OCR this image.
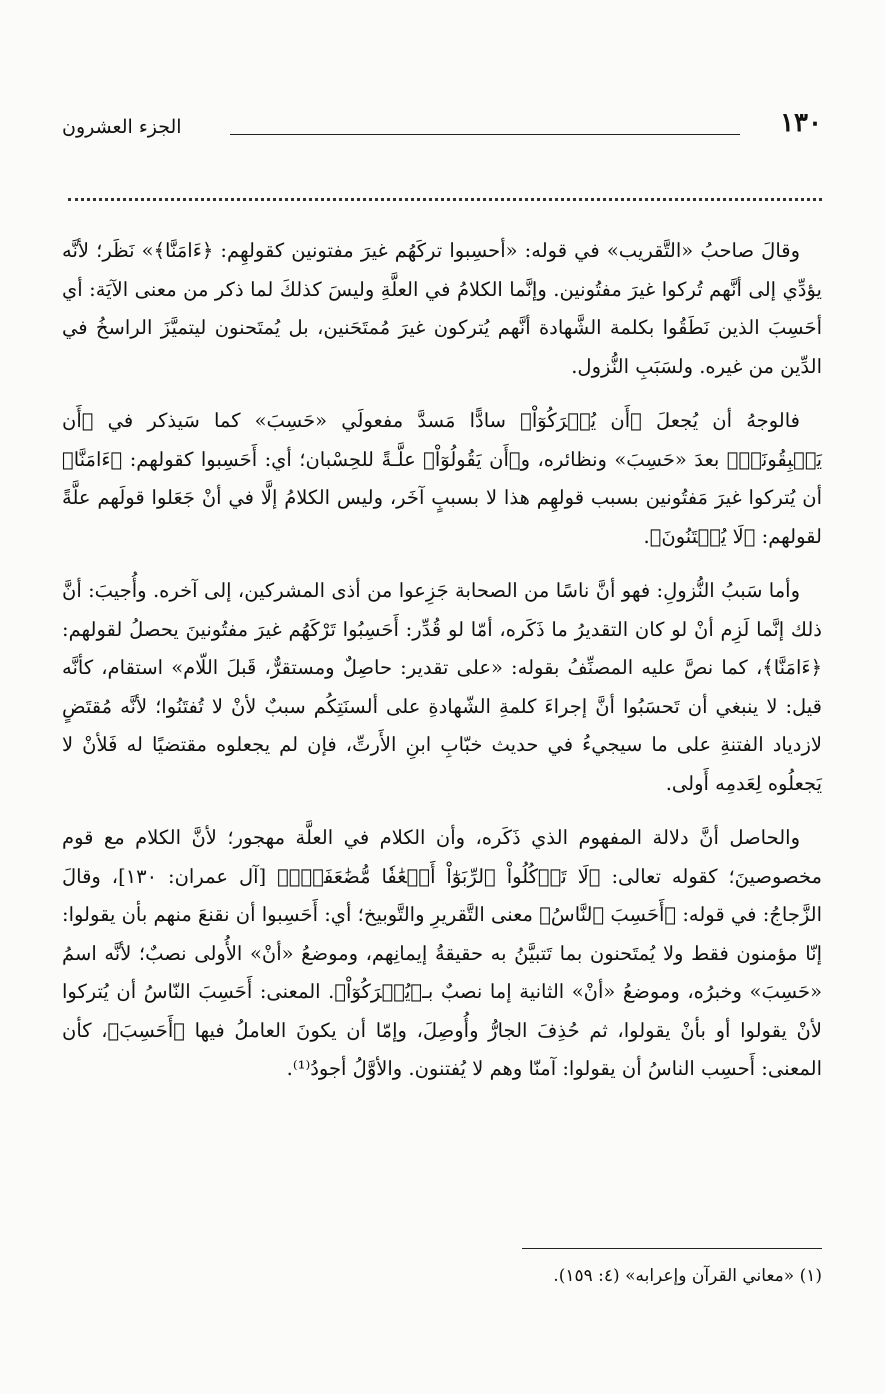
١٣٠
الجزء العشرون

وقالَ صاحبُ «التَّقريب» في قوله: «أحسِبوا تركَهُم غيرَ مفتونين كقولهِم: ﴿ءَامَنَّا﴾» نَظَر؛ لأنَّه يؤدِّي إلى أنَّهم تُركوا غيرَ مفتُونين. وإنَّما الكلامُ في العلَّةِ وليسَ كذلكَ لما ذكر من معنى الآيَة: أي أحَسِبَ الذين نَطَقُوا بكلمة الشَّهادة أنَّهم يُتركون غيرَ مُمتَحَنين، بل يُمتَحنون ليتميَّزَ الراسخُ في الدِّين من غيره. ولسَبَبِ النُّزول.

فالوجهُ أن يُجعلَ ﴿أَن يُتۡرَكُوٓاْ﴾ سادًّا مَسدَّ مفعولَي «حَسِبَ» كما سَيذكر في ﴿أَن يَسۡبِقُونَاۚ﴾ بعدَ «حَسِبَ» ونظائره، و﴿أَن يَقُولُوٓاْ﴾ علَّـةً للحِسْبان؛ أي: أَحَسِبوا كقولهم: ﴿ءَامَنَّا﴾ أن يُتركوا غيرَ مَفتُونين بسبب قولهِم هذا لا بسببٍ آخَر، وليس الكلامُ إلَّا في أنْ جَعَلوا قولَهم علَّةً لقولهم: ﴿لَا يُفۡتَنُونَ﴾.

وأما سَببُ النُّزولِ: فهو أنَّ ناسًا من الصحابة جَزِعوا من أذى المشركين، إلى آخره. وأُجيبَ: أنَّ ذلك إنَّما لَزِم أنْ لو كان التقديرُ ما ذَكَره، أمّا لو قُدِّر: أَحَسِبُوا تَرْكَهُم غيرَ مفتُونينَ يحصلُ لقولهم: ﴿ءَامَنَّا﴾، كما نصَّ عليه المصنِّفُ بقوله: «على تقدير: حاصِلٌ ومستقرٌّ، قَبلَ اللّام» استقام، كأنَّه قيل: لا ينبغي أن تَحسَبُوا أنَّ إجراءَ كلمةِ الشّهادةِ على ألسنَتِكُم سببٌ لأنْ لا تُفتَنُوا؛ لأنَّه مُقتَضٍ لازدياد الفتنةِ على ما سيجيءُ في حديث خبّابِ ابنِ الأَرتِّ، فإن لم يجعلوه مقتضيًا له فَلأنْ لا يَجعلُوه لِعَدمِه أَولى.

والحاصل أنَّ دلالة المفهوم الذي ذَكَره، وأن الكلام في العلَّة مهجور؛ لأنَّ الكلام مع قوم مخصوصينَ؛ كقوله تعالى: ﴿لَا تَأۡكُلُواْ ٱلرِّبَوٰٓاْ أَضۡعَٰفٗا مُّضَٰعَفَةٗۖ﴾ [آل عمران: ١٣٠]، وقالَ الزَّجاجُ: في قوله: ﴿أَحَسِبَ ٱلنَّاسُ﴾ معنى التَّقريرِ والتَّوبيخ؛ أي: أَحَسِبوا أن نقنعَ منهم بأن يقولوا: إنّا مؤمنون فقط ولا يُمتَحنون بما تَتبيَّنُ به حقيقةُ إيمانِهم، وموضعُ «أنْ» الأُولى نصبٌ؛ لأنَّه اسمُ «حَسِبَ» وخبرُه، وموضعُ «أنْ» الثانية إما نصبٌ بـ﴿يُتۡرَكُوٓاْ﴾. المعنى: أَحَسِبَ النّاسُ أن يُتركوا لأنْ يقولوا أو بأنْ يقولوا، ثم حُذِفَ الجارُّ وأُوصِلَ، وإمّا أن يكونَ العاملُ فيها ﴿أَحَسِبَ﴾، كأن المعنى: أَحسِب الناسُ أن يقولوا: آمنّا وهم لا يُفتنون. والأوَّلُ أجودُ⁽¹⁾.

(١) «معاني القرآن وإعرابه» (٤: ١٥٩).
